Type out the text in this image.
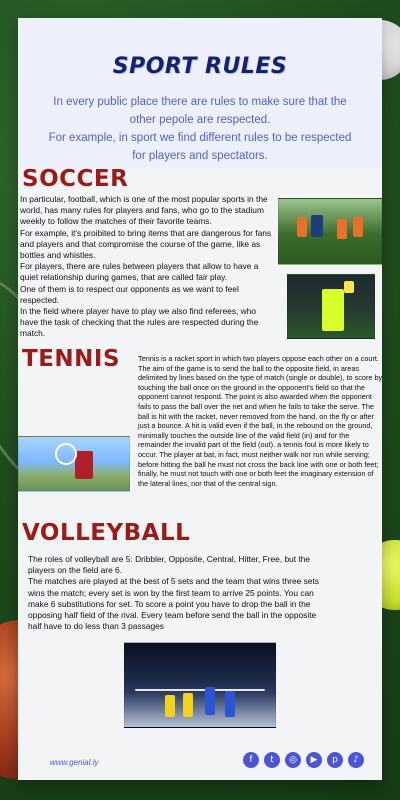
SPORT RULES
In every public place there are rules to make sure that the other pepole are respected.
For example, in sport we find different rules to be respected for players and spectators.
SOCCER
In particular, football, which is one of the most popular sports in the world, has many rules for players and fans, who go to the stadium weekly to follow the matches of their favorite teams.
For example, it's proibited to bring items that are dangerous for fans and players and that compromise the course of the game, like as bottles and whistles.
For players, there are rules between players that allow to have a quiet relationship during games, that are called fair play.
One of them is to respect our opponents as we want to feel respected.
In the field where player have to play we also find referees, who have the task of checking that the rules are respected during the match.
TENNIS Tennis is a racket sport in which two players oppose each other on a court.
The aim of the game is to send the ball to the opposite field, in areas delimited by lines based on the type of match (single or double), to score by touching the ball once on the ground in the opponent's field so that the opponent cannot respond. The point is also awarded when the opponent fails to pass the ball over the net and when he fails to take the serve. The ball is hit with the racket, never removed from the hand, on the fly or after just a bounce. A hit is valid even if the ball, in the rebound on the ground, minimally touches the outside line of the valid field (in) and for the remainder the invalid part of the field (out). a tennis foul is more likely to occur. The player at bat, in fact, must neither walk nor run while serving; before hitting the ball he must not cross the back line with one or both feet; finally, he must not touch with one or both feet the imaginary extension of the lateral lines, nor that of the central sign.
VOLLEYBALL
The roles of volleyball are 5: Dribbler, Opposite, Central, Hitter, Free, but the players on the field are 6.
The matches are played at the best of 5 sets and the team that wins three sets wins the match; every set is won by the first team to arrive 25 points. You can make 6 substitutions for set. To score a point you have to drop the ball in the opposing half field of the rival. Every team before send the ball in the opposite half have to do less than 3 passages
www.genial.ly	f	t	◎	▶	p	♪
